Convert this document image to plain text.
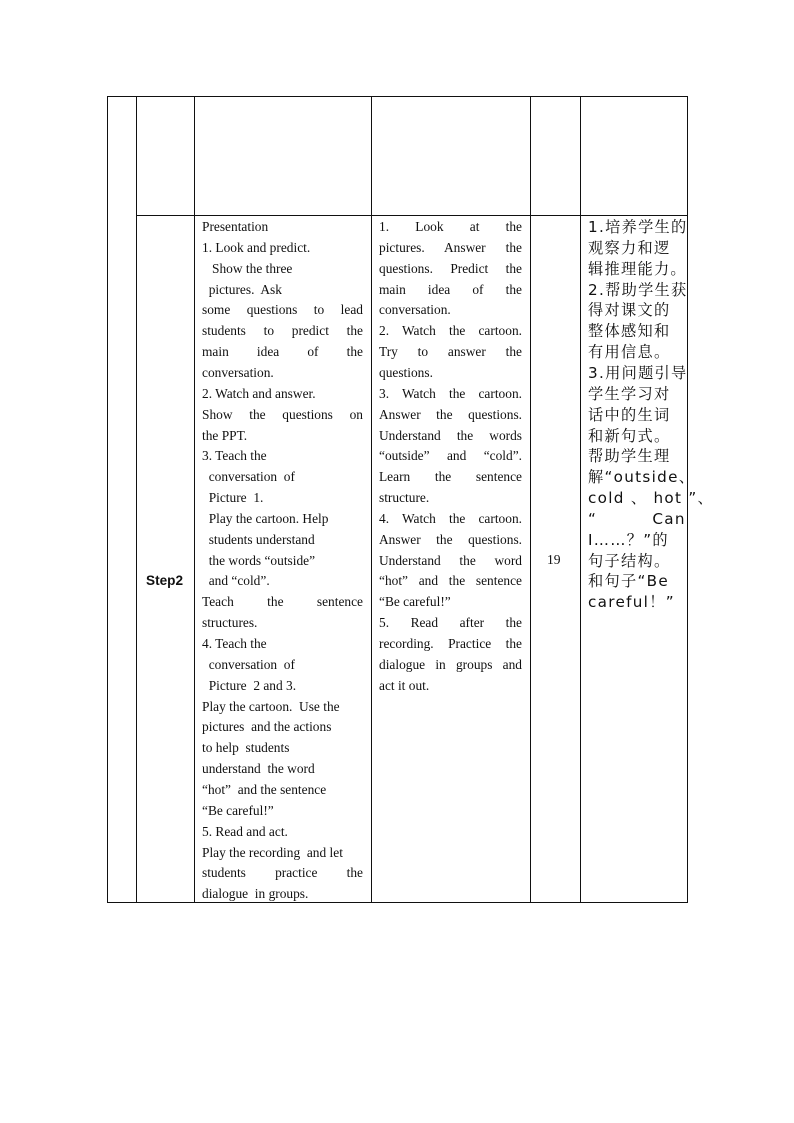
Step2
Presentation
1. Look and predict.
Show the three
pictures.  Ask
some questions to lead
students to predict the
main idea of the
conversation.
2. Watch and answer.
Show the questions on
the PPT.
3. Teach the
conversation  of
Picture  1.
Play the cartoon. Help
students understand
the words “outside”
and “cold”.
Teach the sentence
structures.
4. Teach the
conversation  of
Picture  2 and 3.
Play the cartoon.  Use the
pictures  and the actions
to help  students
understand  the word
“hot”  and the sentence
“Be careful!”
5. Read and act.
Play the recording  and let
students practice the
dialogue  in groups.
1. Look at the
pictures. Answer the
questions. Predict the
main idea of the
conversation.
2. Watch the cartoon.
Try to answer the
questions.
3. Watch the cartoon.
Answer the questions.
Understand the words
“outside” and “cold”.
Learn the sentence
structure.
4. Watch the cartoon.
Answer the questions.
Understand the word
“hot” and the sentence
“Be careful!”
5. Read after the
recording. Practice the
dialogue in groups and
act it out.
19
1.培养学生的
观察力和逻
辑推理能力。
2.帮助学生获
得对课文的
整体感知和
有用信息。
3.用问题引导
学生学习对
话中的生词
和新句式。
帮助学生理
解“outside、
cold 、 hot ”、
“         Can
I……？”的
句子结构。
和句子“Be
careful！”
